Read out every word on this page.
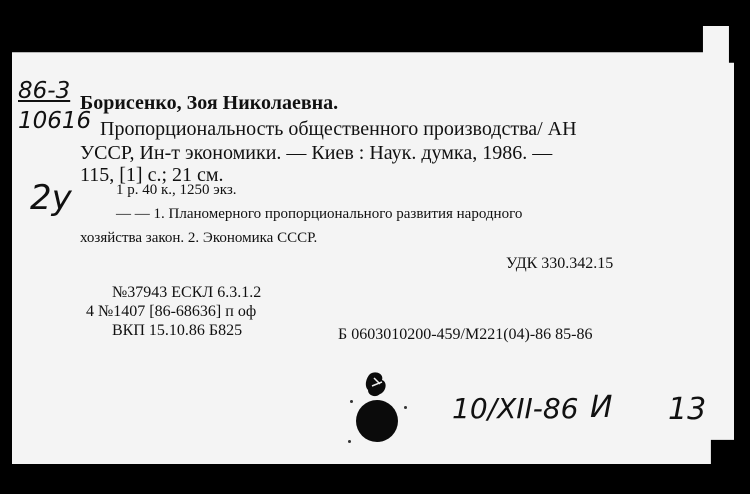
86-3
10616
2у
Борисенко, Зоя Николаевна.
Пропорциональность общественного производства/ АН
УССР, Ин-т экономики. — Киев : Наук. думка, 1986. —
115, [1] с.; 21 см.
1 р. 40 к., 1250 экз.
— — 1. Планомерного пропорционального развития народного
хозяйства закон. 2. Экономика СССР.
УДК 330.342.15
№37943 ЕСКЛ 6.3.1.2
4 №1407 [86-68636] п оф
ВКП 15.10.86 Б825	Б 0603010200-459/М221(04)-86 85-86
10/XII-86 И 13
